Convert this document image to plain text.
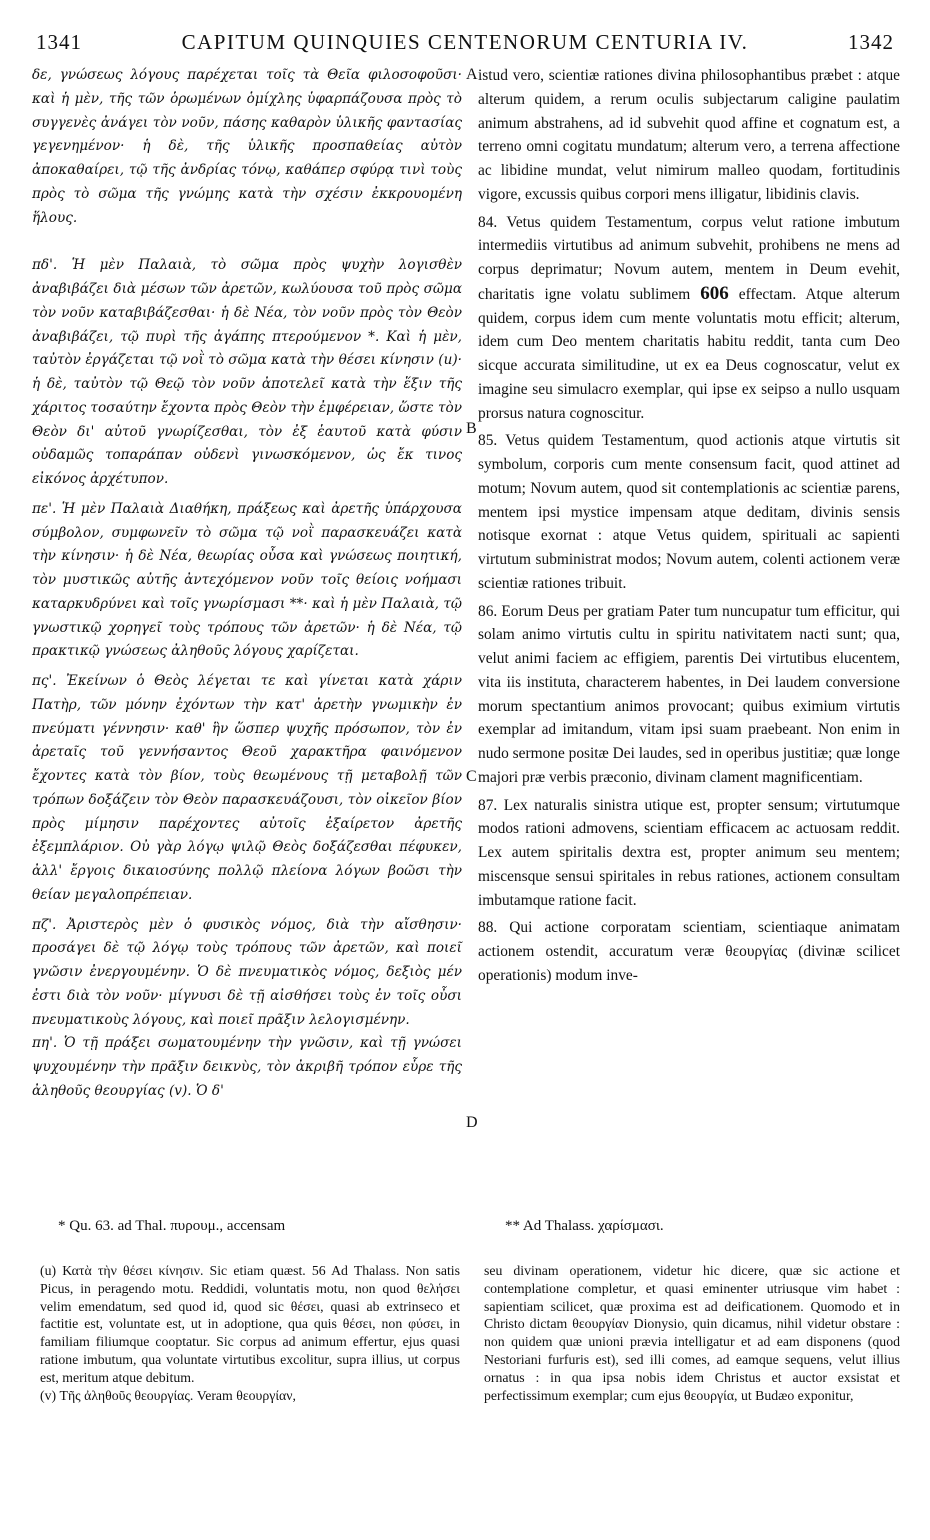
1341	CAPITUM QUINQUIES CENTENORUM CENTURIA IV.	1342

δε, γνώσεως λόγους παρέχεται τοῖς τὰ Θεῖα φιλοσοφοῦσι· καὶ ἡ μὲν, τῆς τῶν ὁρωμένων ὁμίχλης ὑφαρπάζουσα πρὸς τὸ συγγενὲς ἀνάγει τὸν νοῦν, πάσης καθαρὸν ὑλικῆς φαντασίας γεγενημένον· ἡ δὲ, τῆς ὑλικῆς προσπαθείας αὐτὸν ἀποκαθαίρει, τῷ τῆς ἀνδρίας τόνῳ, καθάπερ σφύρᾳ τινὶ τοὺς πρὸς τὸ σῶμα τῆς γνώμης κατὰ τὴν σχέσιν ἐκκρουομένη ἥλους.

πδ'. Ἡ μὲν Παλαιὰ, τὸ σῶμα πρὸς ψυχὴν λογισθὲν ἀναβιβάζει διὰ μέσων τῶν ἀρετῶν, κωλύουσα τοῦ πρὸς σῶμα τὸν νοῦν καταβιβάζεσθαι· ἡ δὲ Νέα, τὸν νοῦν πρὸς τὸν Θεὸν ἀναβιβάζει, τῷ πυρὶ τῆς ἀγάπης πτερούμενον *. Καὶ ἡ μὲν, ταὐτὸν ἐργάζεται τῷ νοῒ τὸ σῶμα κατὰ τὴν θέσει κίνησιν (u)· ἡ δὲ, ταὐτὸν τῷ Θεῷ τὸν νοῦν ἀποτελεῖ κατὰ τὴν ἕξιν τῆς χάριτος τοσαύτην ἔχοντα πρὸς Θεὸν τὴν ἐμφέρειαν, ὥστε τὸν Θεὸν δι' αὐτοῦ γνωρίζεσθαι, τὸν ἐξ ἑαυτοῦ κατὰ φύσιν οὐδαμῶς τοπαράπαν οὐδενὶ γινωσκόμενον, ὡς ἔκ τινος εἰκόνος ἀρχέτυπον.

πε'. Ἡ μὲν Παλαιὰ Διαθήκη, πράξεως καὶ ἀρετῆς ὑπάρχουσα σύμβολον, συμφωνεῖν τὸ σῶμα τῷ νοῒ παρασκευάζει κατὰ τὴν κίνησιν· ἡ δὲ Νέα, θεωρίας οὖσα καὶ γνώσεως ποιητική, τὸν μυστικῶς αὐτῆς ἀντεχόμενον νοῦν τοῖς θείοις νοήμασι καταρκυδρύνει καὶ τοῖς γνωρίσμασι **· καὶ ἡ μὲν Παλαιὰ, τῷ γνωστικῷ χορηγεῖ τοὺς τρόπους τῶν ἀρετῶν· ἡ δὲ Νέα, τῷ πρακτικῷ γνώσεως ἀληθοῦς λόγους χαρίζεται.

πς'. Ἐκείνων ὁ Θεὸς λέγεται τε καὶ γίνεται κατὰ χάριν Πατὴρ, τῶν μόνην ἐχόντων τὴν κατ' ἀρετὴν γνωμικὴν ἐν πνεύματι γέννησιν· καθ' ἣν ὥσπερ ψυχῆς πρόσωπον, τὸν ἐν ἀρεταῖς τοῦ γεννήσαντος Θεοῦ χαρακτῆρα φαινόμενον ἔχοντες κατὰ τὸν βίον, τοὺς θεωμένους τῇ μεταβολῇ τῶν τρόπων δοξάζειν τὸν Θεὸν παρασκευάζουσι, τὸν οἰκεῖον βίον πρὸς μίμησιν παρέχοντες αὐτοῖς ἐξαίρετον ἀρετῆς ἐξεμπλάριον. Οὐ γὰρ λόγῳ ψιλῷ Θεὸς δοξάζεσθαι πέφυκεν, ἀλλ' ἔργοις δικαιοσύνης πολλῷ πλείονα λόγων βοῶσι τὴν θείαν μεγαλοπρέπειαν.

πζ'. Ἀριστερὸς μὲν ὁ φυσικὸς νόμος, διὰ τὴν αἴσθησιν· προσάγει δὲ τῷ λόγῳ τοὺς τρόπους τῶν ἀρετῶν, καὶ ποιεῖ γνῶσιν ἐνεργουμένην. Ὁ δὲ πνευματικὸς νόμος, δεξιὸς μέν ἐστι διὰ τὸν νοῦν· μίγνυσι δὲ τῇ αἰσθήσει τοὺς ἐν τοῖς οὖσι πνευματικοὺς λόγους, καὶ ποιεῖ πρᾶξιν λελογισμένην.

πη'. Ὁ τῇ πράξει σωματουμένην τὴν γνῶσιν, καὶ τῇ γνώσει ψυχουμένην τὴν πρᾶξιν δεικνὺς, τὸν ἀκριβῆ τρόπον εὗρε τῆς ἀληθοῦς θεουργίας (v). Ὁ δ'

A
B
C
D

istud vero, scientiæ rationes divina philosophantibus præbet : atque alterum quidem, a rerum oculis subjectarum caligine paulatim animum abstrahens, ad id subvehit quod affine et cognatum est, a terreno omni cogitatu mundatum; alterum vero, a terrena affectione ac libidine mundat, velut nimirum malleo quodam, fortitudinis vigore, excussis quibus corpori mens illigatur, libidinis clavis.

84. Vetus quidem Testamentum, corpus velut ratione imbutum intermediis virtutibus ad animum subvehit, prohibens ne mens ad corpus deprimatur; Novum autem, mentem in Deum evehit, charitatis igne volatu sublimem 606 effectam. Atque alterum quidem, corpus idem cum mente voluntatis motu efficit; alterum, idem cum Deo mentem charitatis habitu reddit, tanta cum Deo sicque accurata similitudine, ut ex ea Deus cognoscatur, velut ex imagine seu simulacro exemplar, qui ipse ex seipso a nullo usquam prorsus natura cognoscitur.

85. Vetus quidem Testamentum, quod actionis atque virtutis sit symbolum, corporis cum mente consensum facit, quod attinet ad motum; Novum autem, quod sit contemplationis ac scientiæ parens, mentem ipsi mystice impensam atque deditam, divinis sensis notisque exornat : atque Vetus quidem, spirituali ac sapienti virtutum subministrat modos; Novum autem, colenti actionem veræ scientiæ rationes tribuit.

86. Eorum Deus per gratiam Pater tum nuncupatur tum efficitur, qui solam animo virtutis cultu in spiritu nativitatem nacti sunt; qua, velut animi faciem ac effigiem, parentis Dei virtutibus elucentem, vita iis instituta, characterem habentes, in Dei laudem conversione morum spectantium animos provocant; quibus eximium virtutis exemplar ad imitandum, vitam ipsi suam praebeant. Non enim in nudo sermone positæ Dei laudes, sed in operibus justitiæ; quæ longe majori præ verbis præconio, divinam clament magnificentiam.

87. Lex naturalis sinistra utique est, propter sensum; virtutumque modos rationi admovens, scientiam efficacem ac actuosam reddit. Lex autem spiritalis dextra est, propter animum seu mentem; miscensque sensui spiritales in rebus rationes, actionem consultam imbutamque ratione facit.

88. Qui actione corporatam scientiam, scientiaque animatam actionem ostendit, accuratum veræ θεουργίας (divinæ scilicet operationis) modum inve-

* Qu. 63. ad Thal. πυρουμ., accensam	** Ad Thalass. χαρίσμασι.

(u) Κατὰ τὴν θέσει κίνησιν. Sic etiam quæst. 56 Ad Thalass. Non satis Picus, in peragendo motu. Reddidi, voluntatis motu, non quod θελήσει velim emendatum, sed quod id, quod sic θέσει, quasi ab extrinseco et factitie est, voluntate est, ut in adoptione, qua quis θέσει, non φύσει, in familiam filiumque cooptatur. Sic corpus ad animum effertur, ejus quasi ratione imbutum, qua voluntate virtutibus excolitur, supra illius, ut corpus est, meritum atque debitum.

(v) Τῆς ἀληθοῦς θεουργίας. Veram θεουργίαν,

seu divinam operationem, videtur hic dicere, quæ sic actione et contemplatione completur, et quasi eminenter utriusque vim habet : sapientiam scilicet, quæ proxima est ad deificationem. Quomodo et in Christo dictam θεουργίαν Dionysio, quin dicamus, nihil videtur obstare : non quidem quæ unioni prævia intelligatur et ad eam disponens (quod Nestoriani furfuris est), sed illi comes, ad eamque sequens, velut illius ornatus : in qua ipsa nobis idem Christus et auctor exsistat et perfectissimum exemplar; cum ejus θεουργία, ut Budæo exponitur,
